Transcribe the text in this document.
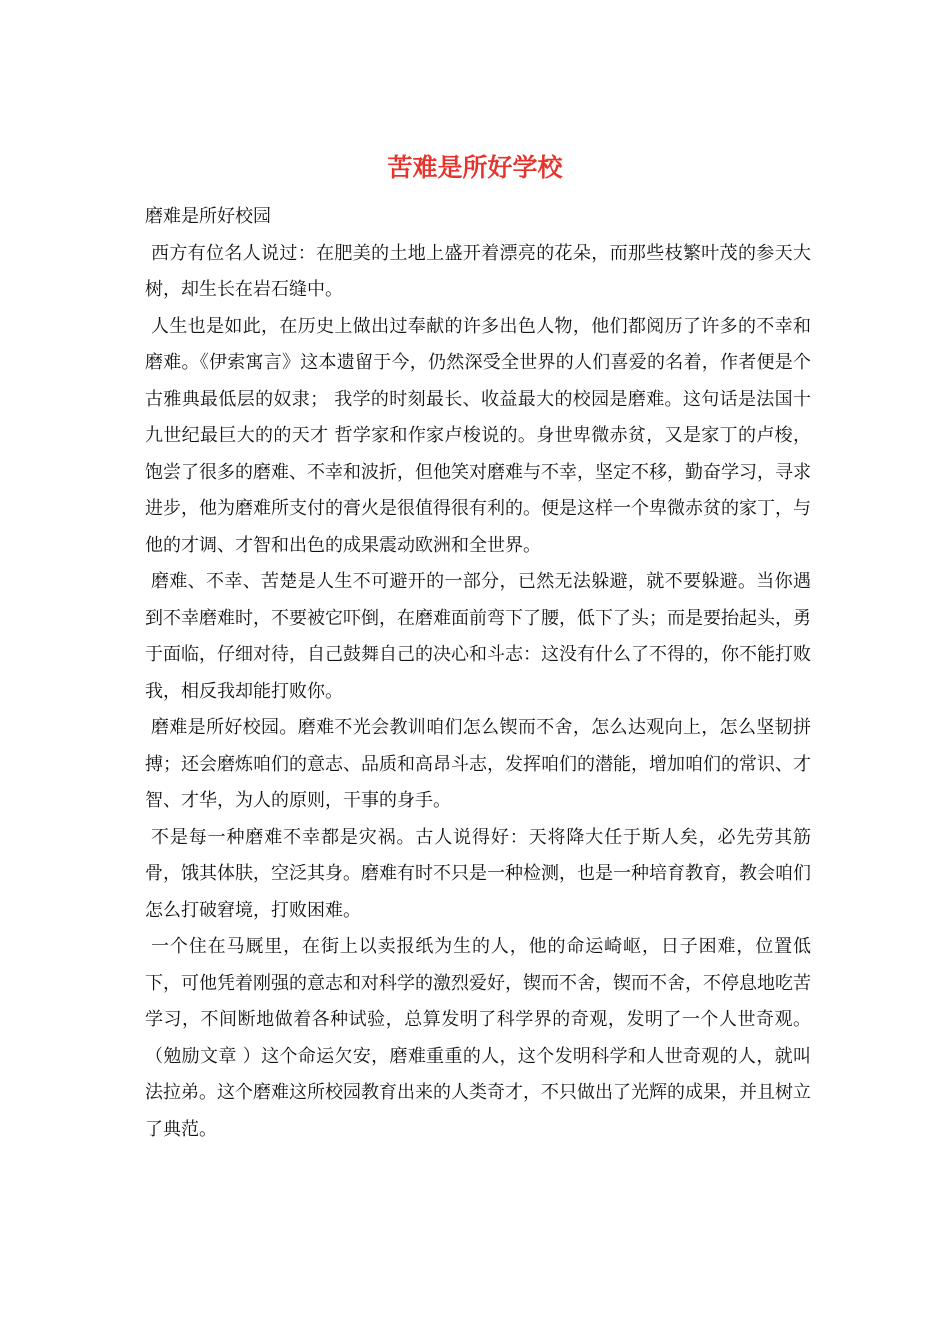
苦难是所好学校

磨难是所好校园

西方有位名人说过：在肥美的土地上盛开着漂亮的花朵，而那些枝繁叶茂的参天大树，却生长在岩石缝中。

人生也是如此，在历史上做出过奉献的许多出色人物，他们都阅历了许多的不幸和磨难。《伊索寓言》这本遗留于今，仍然深受全世界的人们喜爱的名着，作者便是个古雅典最低层的奴隶； 我学的时刻最长、收益最大的校园是磨难。这句话是法国十九世纪最巨大的的天才 哲学家和作家卢梭说的。身世卑微赤贫，又是家丁的卢梭，饱尝了很多的磨难、不幸和波折，但他笑对磨难与不幸，坚定不移，勤奋学习，寻求进步，他为磨难所支付的膏火是很值得很有利的。便是这样一个卑微赤贫的家丁，与他的才调、才智和出色的成果震动欧洲和全世界。

磨难、不幸、苦楚是人生不可避开的一部分，已然无法躲避，就不要躲避。当你遇到不幸磨难时，不要被它吓倒，在磨难面前弯下了腰，低下了头；而是要抬起头，勇于面临，仔细对待，自己鼓舞自己的决心和斗志：这没有什么了不得的，你不能打败我，相反我却能打败你。

磨难是所好校园。磨难不光会教训咱们怎么锲而不舍，怎么达观向上，怎么坚韧拼搏；还会磨炼咱们的意志、品质和高昂斗志，发挥咱们的潜能，增加咱们的常识、才智、才华，为人的原则，干事的身手。

不是每一种磨难不幸都是灾祸。古人说得好：天将降大任于斯人矣，必先劳其筋骨，饿其体肤，空泛其身。磨难有时不只是一种检测，也是一种培育教育，教会咱们怎么打破窘境，打败困难。

一个住在马厩里，在街上以卖报纸为生的人，他的命运崎岖，日子困难，位置低下，可他凭着刚强的意志和对科学的激烈爱好，锲而不舍，锲而不舍，不停息地吃苦学习，不间断地做着各种试验，总算发明了科学界的奇观，发明了一个人世奇观。（勉励文章 ）这个命运欠安，磨难重重的人，这个发明科学和人世奇观的人，就叫法拉弟。这个磨难这所校园教育出来的人类奇才，不只做出了光辉的成果，并且树立了典范。
